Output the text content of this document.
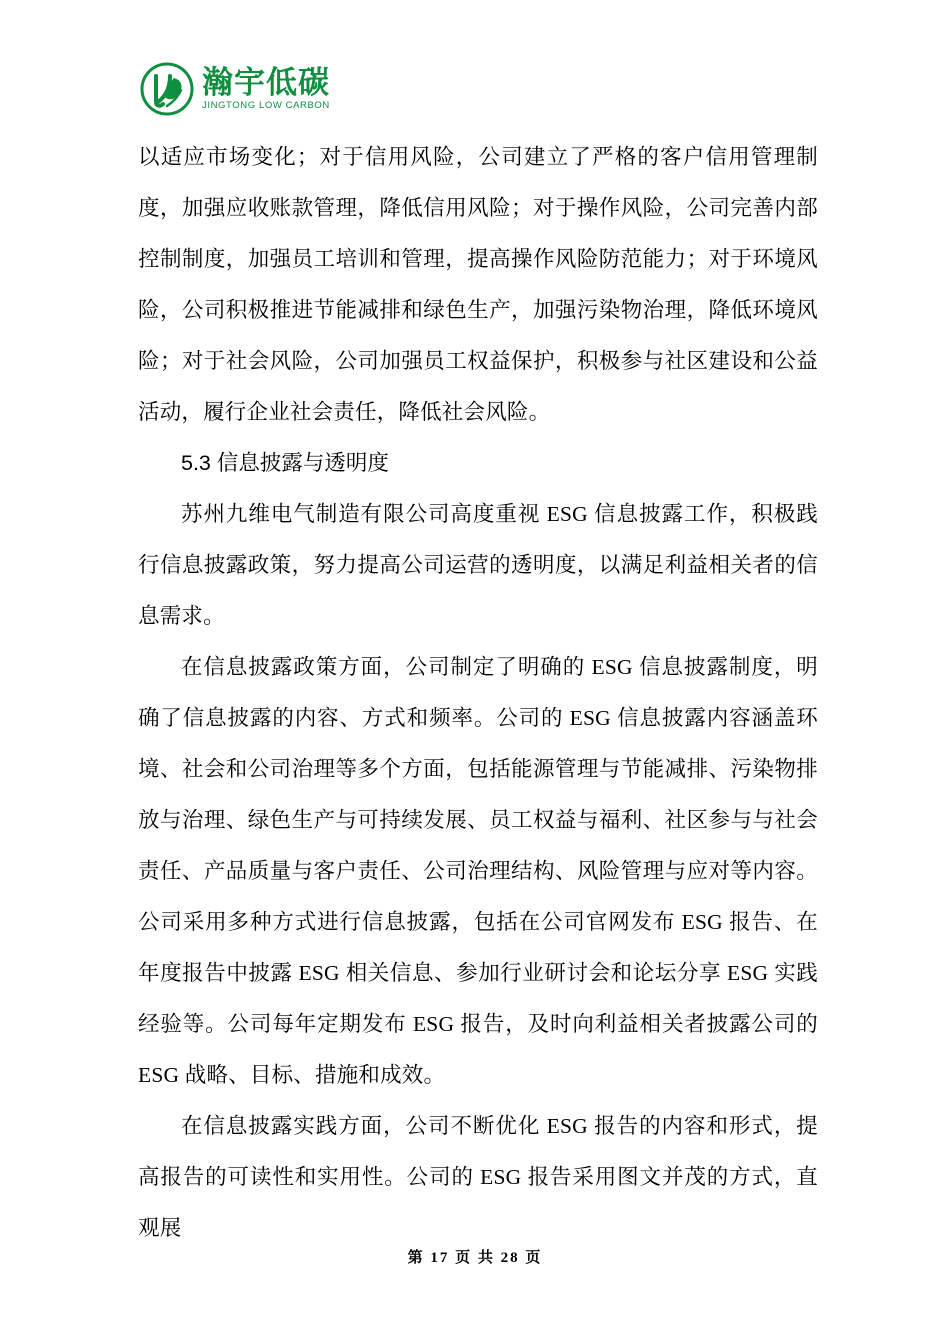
瀚宇低碳
JINGTONG LOW CARBON

以适应市场变化；对于信用风险，公司建立了严格的客户信用管理制度，加强应收账款管理，降低信用风险；对于操作风险，公司完善内部控制制度，加强员工培训和管理，提高操作风险防范能力；对于环境风险，公司积极推进节能减排和绿色生产，加强污染物治理，降低环境风险；对于社会风险，公司加强员工权益保护，积极参与社区建设和公益活动，履行企业社会责任，降低社会风险。

5.3 信息披露与透明度

苏州九维电气制造有限公司高度重视 ESG 信息披露工作，积极践行信息披露政策，努力提高公司运营的透明度，以满足利益相关者的信息需求。

在信息披露政策方面，公司制定了明确的 ESG 信息披露制度，明确了信息披露的内容、方式和频率。公司的 ESG 信息披露内容涵盖环境、社会和公司治理等多个方面，包括能源管理与节能减排、污染物排放与治理、绿色生产与可持续发展、员工权益与福利、社区参与与社会责任、产品质量与客户责任、公司治理结构、风险管理与应对等内容。公司采用多种方式进行信息披露，包括在公司官网发布 ESG 报告、在年度报告中披露 ESG 相关信息、参加行业研讨会和论坛分享 ESG 实践经验等。公司每年定期发布 ESG 报告，及时向利益相关者披露公司的 ESG 战略、目标、措施和成效。

在信息披露实践方面，公司不断优化 ESG 报告的内容和形式，提高报告的可读性和实用性。公司的 ESG 报告采用图文并茂的方式，直观展

第 17 页 共 28 页
